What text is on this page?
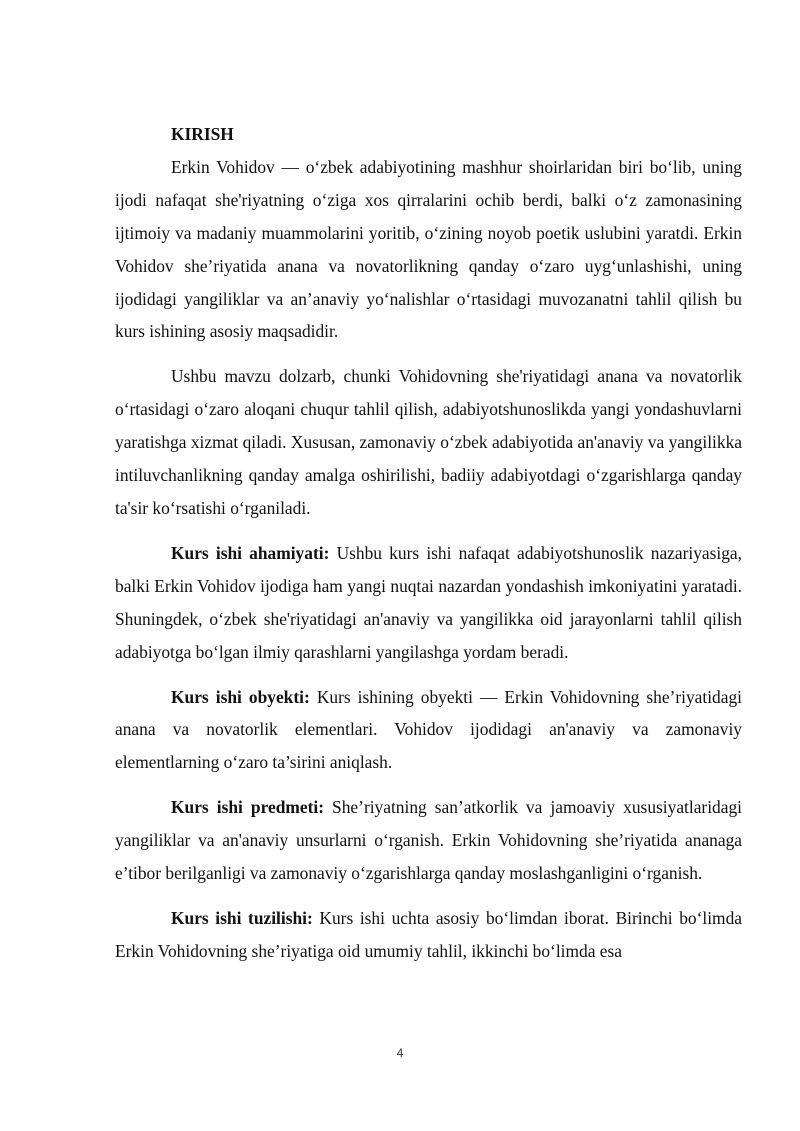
KIRISH

Erkin Vohidov — o‘zbek adabiyotining mashhur shoirlaridan biri bo‘lib, uning ijodi nafaqat she'riyatning o‘ziga xos qirralarini ochib berdi, balki o‘z zamonasining ijtimoiy va madaniy muammolarini yoritib, o‘zining noyob poetik uslubini yaratdi. Erkin Vohidov she’riyatida anana va novatorlikning qanday o‘zaro uyg‘unlashishi, uning ijodidagi yangiliklar va an’anaviy yo‘nalishlar o‘rtasidagi muvozanatni tahlil qilish bu kurs ishining asosiy maqsadidir.

Ushbu mavzu dolzarb, chunki Vohidovning she'riyatidagi anana va novatorlik o‘rtasidagi o‘zaro aloqani chuqur tahlil qilish, adabiyotshunoslikda yangi yondashuvlarni yaratishga xizmat qiladi. Xususan, zamonaviy o‘zbek adabiyotida an'anaviy va yangilikka intiluvchanlikning qanday amalga oshirilishi, badiiy adabiyotdagi o‘zgarishlarga qanday ta'sir ko‘rsatishi o‘rganiladi.

Kurs ishi ahamiyati: Ushbu kurs ishi nafaqat adabiyotshunoslik nazariyasiga, balki Erkin Vohidov ijodiga ham yangi nuqtai nazardan yondashish imkoniyatini yaratadi. Shuningdek, o‘zbek she'riyatidagi an'anaviy va yangilikka oid jarayonlarni tahlil qilish adabiyotga bo‘lgan ilmiy qarashlarni yangilashga yordam beradi.

Kurs ishi obyekti: Kurs ishining obyekti — Erkin Vohidovning she’riyatidagi anana va novatorlik elementlari. Vohidov ijodidagi an'anaviy va zamonaviy elementlarning o‘zaro ta’sirini aniqlash.

Kurs ishi predmeti: She’riyatning san’atkorlik va jamoaviy xususiyatlaridagi yangiliklar va an'anaviy unsurlarni o‘rganish. Erkin Vohidovning she’riyatida ananaga e’tibor berilganligi va zamonaviy o‘zgarishlarga qanday moslashganligini o‘rganish.

Kurs ishi tuzilishi: Kurs ishi uchta asosiy bo‘limdan iborat. Birinchi bo‘limda Erkin Vohidovning she’riyatiga oid umumiy tahlil, ikkinchi bo‘limda esa

4
